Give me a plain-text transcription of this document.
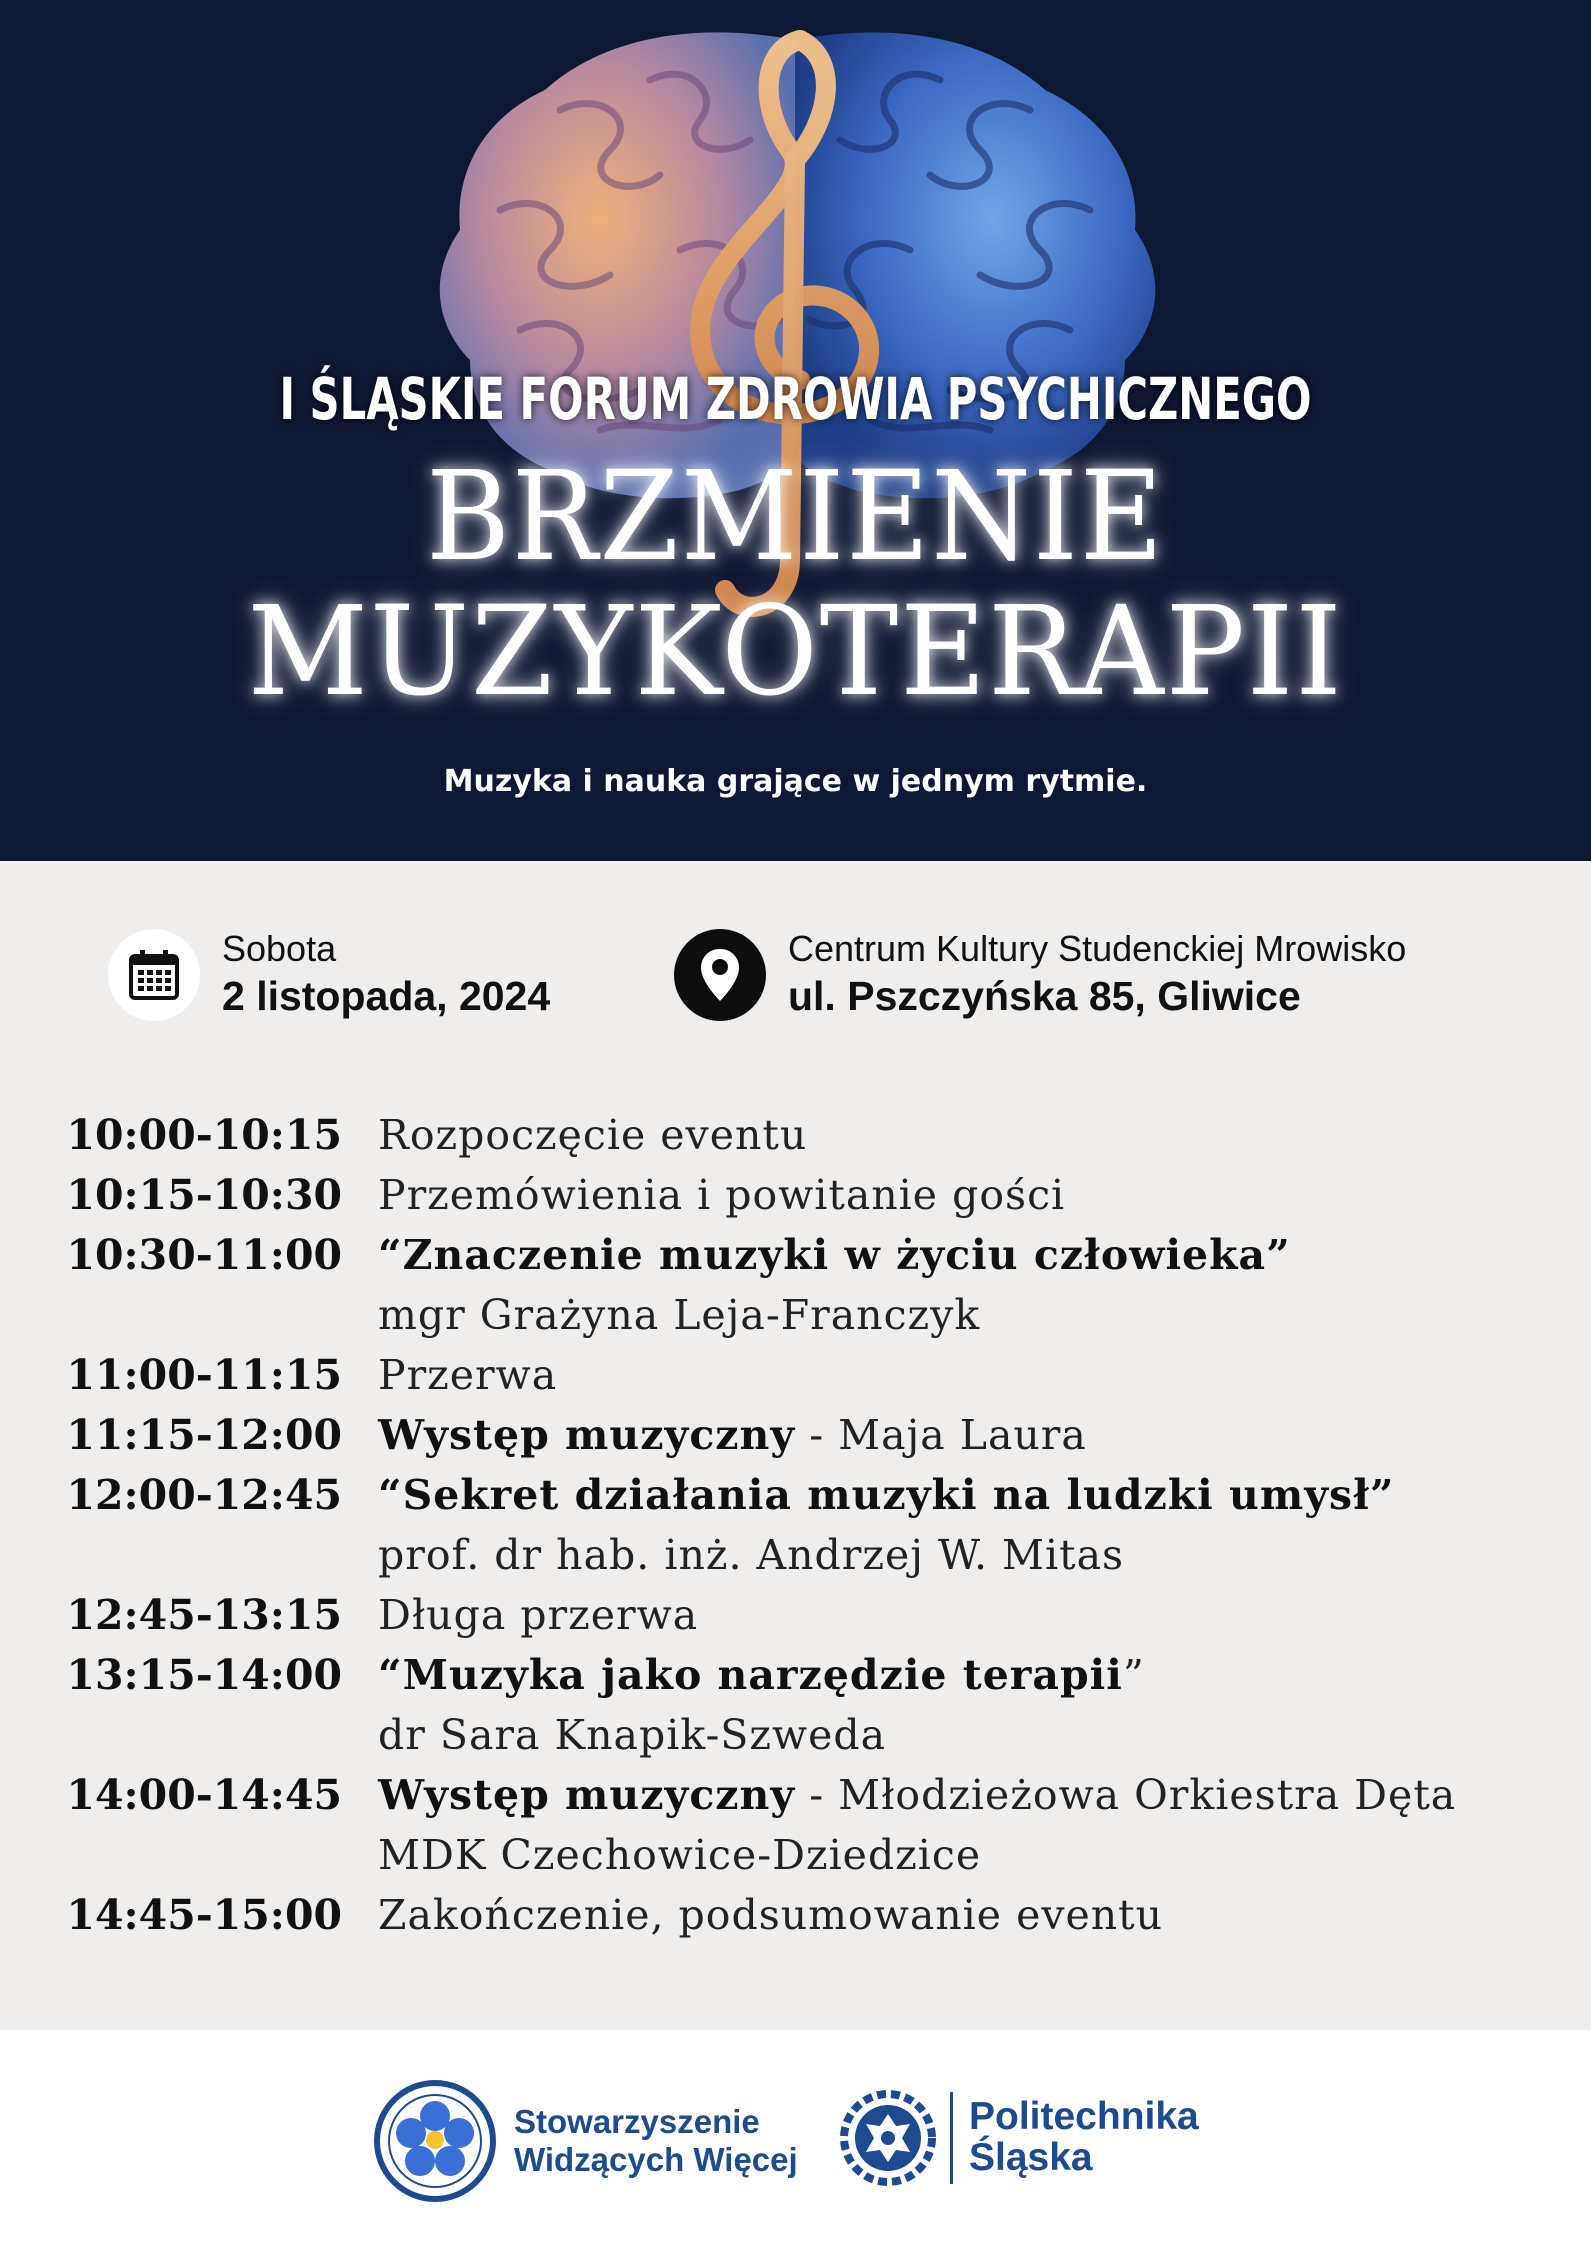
I ŚLĄSKIE FORUM ZDROWIA PSYCHICZNEGO
BRZMIENIE
MUZYKOTERAPII
Muzyka i nauka grające w jednym rytmie.
Sobota
2 listopada, 2024
Centrum Kultury Studenckiej Mrowisko
ul. Pszczyńska 85, Gliwice
10:00-10:15 Rozpoczęcie eventu
10:15-10:30 Przemówienia i powitanie gości
10:30-11:00 “Znaczenie muzyki w życiu człowieka”
mgr Grażyna Leja-Franczyk
11:00-11:15 Przerwa
11:15-12:00 Występ muzyczny - Maja Laura
12:00-12:45 “Sekret działania muzyki na ludzki umysł”
prof. dr hab. inż. Andrzej W. Mitas
12:45-13:15 Długa przerwa
13:15-14:00 “Muzyka jako narzędzie terapii”
dr Sara Knapik-Szweda
14:00-14:45 Występ muzyczny - Młodzieżowa Orkiestra Dęta
MDK Czechowice-Dziedzice
14:45-15:00 Zakończenie, podsumowanie eventu
Stowarzyszenie
Widzących Więcej
Politechnika
Śląska
